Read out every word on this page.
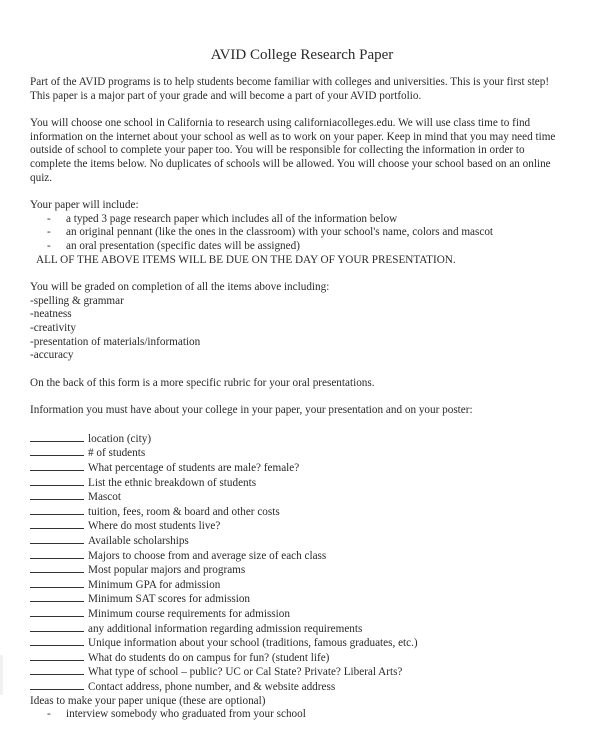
AVID College Research Paper

Part of the AVID programs is to help students become familiar with colleges and universities. This is your first step! This paper is a major part of your grade and will become a part of your AVID portfolio.

You will choose one school in California to research using californiacolleges.edu. We will use class time to find information on the internet about your school as well as to work on your paper. Keep in mind that you may need time outside of school to complete your paper too. You will be responsible for collecting the information in order to complete the items below. No duplicates of schools will be allowed. You will choose your school based on an online quiz.

Your paper will include:

- a typed 3 page research paper which includes all of the information below
- an original pennant (like the ones in the classroom) with your school's name, colors and mascot
- an oral presentation (specific dates will be assigned)

ALL OF THE ABOVE ITEMS WILL BE DUE ON THE DAY OF YOUR PRESENTATION.

You will be graded on completion of all the items above including:

-spelling & grammar
-neatness
-creativity
-presentation of materials/information
-accuracy

On the back of this form is a more specific rubric for your oral presentations.

Information you must have about your college in your paper, your presentation and on your poster:

location (city)
# of students
What percentage of students are male? female?
List the ethnic breakdown of students
Mascot
tuition, fees, room & board and other costs
Where do most students live?
Available scholarships
Majors to choose from and average size of each class
Most popular majors and programs
Minimum GPA for admission
Minimum SAT scores for admission
Minimum course requirements for admission
any additional information regarding admission requirements
Unique information about your school (traditions, famous graduates, etc.)
What do students do on campus for fun? (student life)
What type of school – public? UC or Cal State? Private? Liberal Arts?
Contact address, phone number, and & website address

Ideas to make your paper unique (these are optional)

- interview somebody who graduated from your school
